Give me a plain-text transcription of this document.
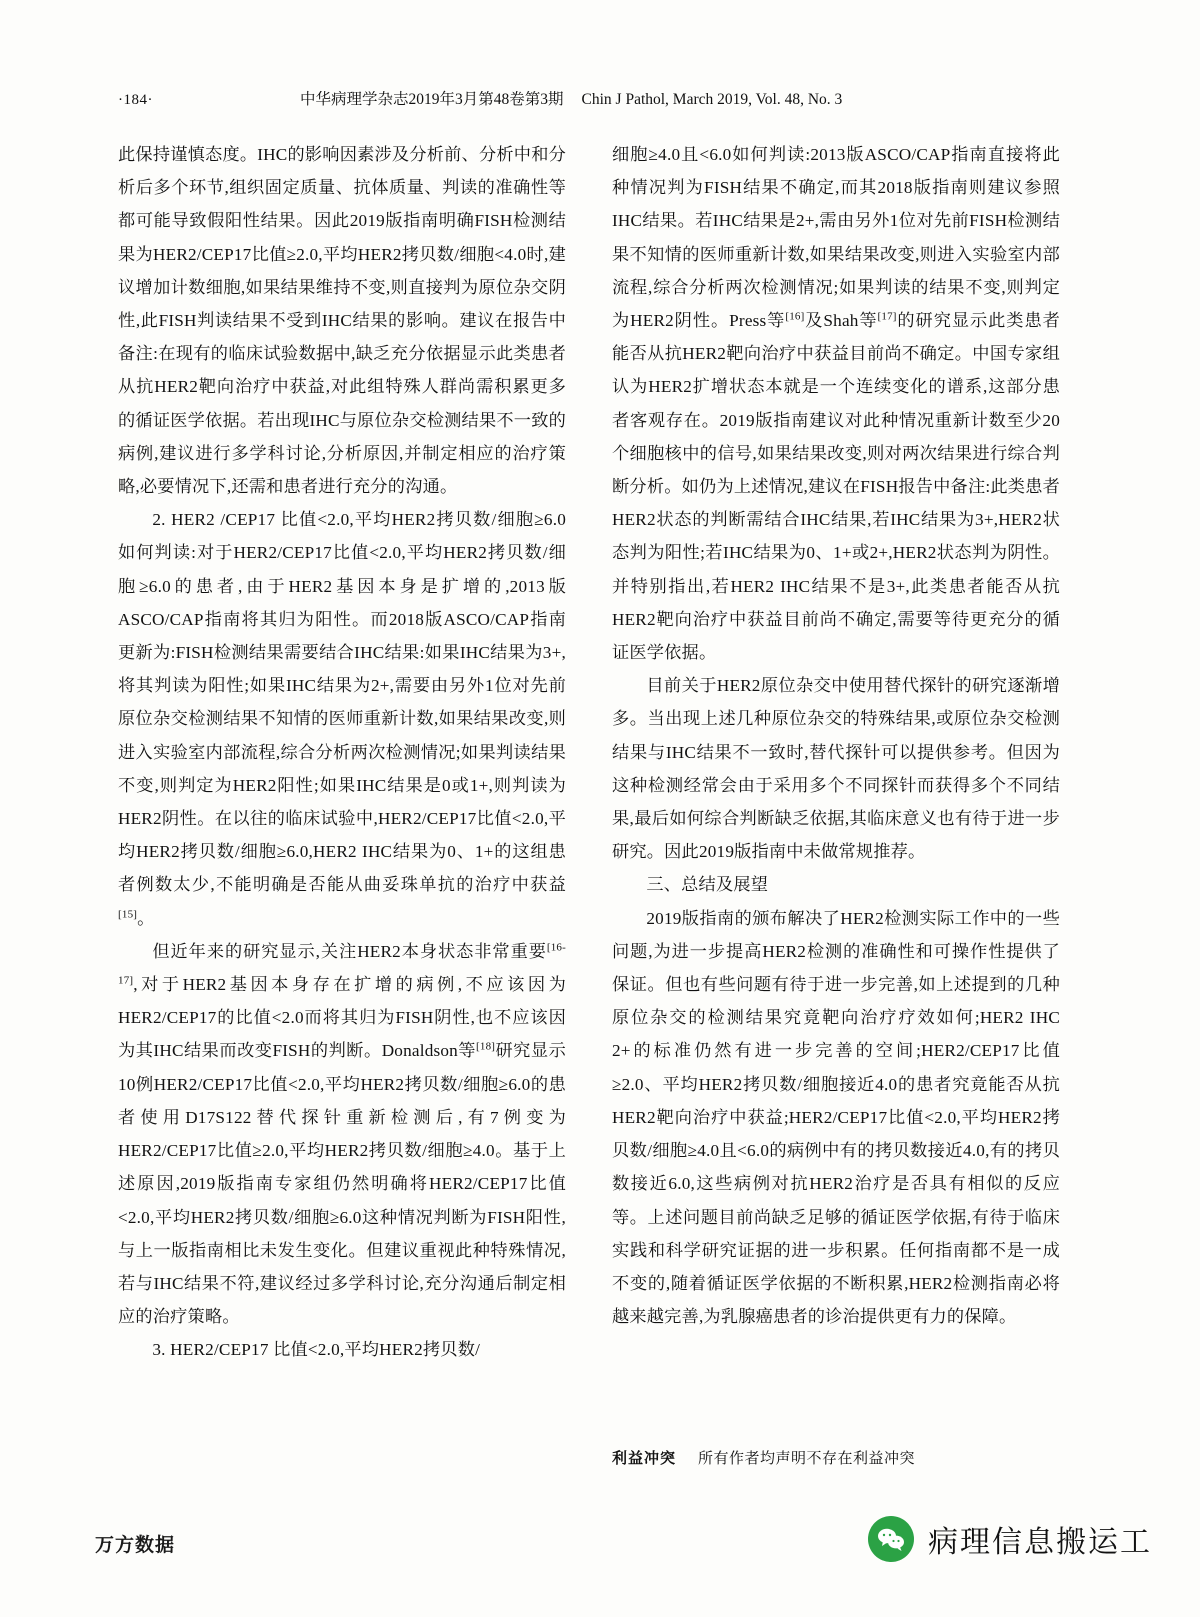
·184·	中华病理学杂志2019年3月第48卷第3期 Chin J Pathol, March 2019, Vol. 48, No. 3

此保持谨慎态度。IHC的影响因素涉及分析前、分析中和分析后多个环节,组织固定质量、抗体质量、判读的准确性等都可能导致假阳性结果。因此2019版指南明确FISH检测结果为HER2/CEP17比值≥2.0,平均HER2拷贝数/细胞<4.0时,建议增加计数细胞,如果结果维持不变,则直接判为原位杂交阴性,此FISH判读结果不受到IHC结果的影响。建议在报告中备注:在现有的临床试验数据中,缺乏充分依据显示此类患者从抗HER2靶向治疗中获益,对此组特殊人群尚需积累更多的循证医学依据。若出现IHC与原位杂交检测结果不一致的病例,建议进行多学科讨论,分析原因,并制定相应的治疗策略,必要情况下,还需和患者进行充分的沟通。

2. HER2 /CEP17 比值<2.0,平均HER2拷贝数/细胞≥6.0如何判读:对于HER2/CEP17比值<2.0,平均HER2拷贝数/细胞≥6.0的患者,由于HER2基因本身是扩增的,2013版ASCO/CAP指南将其归为阳性。而2018版ASCO/CAP指南更新为:FISH检测结果需要结合IHC结果:如果IHC结果为3+,将其判读为阳性;如果IHC结果为2+,需要由另外1位对先前原位杂交检测结果不知情的医师重新计数,如果结果改变,则进入实验室内部流程,综合分析两次检测情况;如果判读结果不变,则判定为HER2阳性;如果IHC结果是0或1+,则判读为HER2阴性。在以往的临床试验中,HER2/CEP17比值<2.0,平均HER2拷贝数/细胞≥6.0,HER2 IHC结果为0、1+的这组患者例数太少,不能明确是否能从曲妥珠单抗的治疗中获益[15]。

但近年来的研究显示,关注HER2本身状态非常重要[16-17],对于HER2基因本身存在扩增的病例,不应该因为HER2/CEP17的比值<2.0而将其归为FISH阴性,也不应该因为其IHC结果而改变FISH的判断。Donaldson等[18]研究显示10例HER2/CEP17比值<2.0,平均HER2拷贝数/细胞≥6.0的患者使用D17S122替代探针重新检测后,有7例变为HER2/CEP17比值≥2.0,平均HER2拷贝数/细胞≥4.0。基于上述原因,2019版指南专家组仍然明确将HER2/CEP17比值<2.0,平均HER2拷贝数/细胞≥6.0这种情况判断为FISH阳性,与上一版指南相比未发生变化。但建议重视此种特殊情况,若与IHC结果不符,建议经过多学科讨论,充分沟通后制定相应的治疗策略。

3. HER2/CEP17 比值<2.0,平均HER2拷贝数/

细胞≥4.0且<6.0如何判读:2013版ASCO/CAP指南直接将此种情况判为FISH结果不确定,而其2018版指南则建议参照IHC结果。若IHC结果是2+,需由另外1位对先前FISH检测结果不知情的医师重新计数,如果结果改变,则进入实验室内部流程,综合分析两次检测情况;如果判读的结果不变,则判定为HER2阴性。Press等[16]及Shah等[17]的研究显示此类患者能否从抗HER2靶向治疗中获益目前尚不确定。中国专家组认为HER2扩增状态本就是一个连续变化的谱系,这部分患者客观存在。2019版指南建议对此种情况重新计数至少20个细胞核中的信号,如果结果改变,则对两次结果进行综合判断分析。如仍为上述情况,建议在FISH报告中备注:此类患者HER2状态的判断需结合IHC结果,若IHC结果为3+,HER2状态判为阳性;若IHC结果为0、1+或2+,HER2状态判为阴性。并特别指出,若HER2 IHC结果不是3+,此类患者能否从抗HER2靶向治疗中获益目前尚不确定,需要等待更充分的循证医学依据。

目前关于HER2原位杂交中使用替代探针的研究逐渐增多。当出现上述几种原位杂交的特殊结果,或原位杂交检测结果与IHC结果不一致时,替代探针可以提供参考。但因为这种检测经常会由于采用多个不同探针而获得多个不同结果,最后如何综合判断缺乏依据,其临床意义也有待于进一步研究。因此2019版指南中未做常规推荐。

三、总结及展望

2019版指南的颁布解决了HER2检测实际工作中的一些问题,为进一步提高HER2检测的准确性和可操作性提供了保证。但也有些问题有待于进一步完善,如上述提到的几种原位杂交的检测结果究竟靶向治疗疗效如何;HER2 IHC 2+的标准仍然有进一步完善的空间;HER2/CEP17比值≥2.0、平均HER2拷贝数/细胞接近4.0的患者究竟能否从抗HER2靶向治疗中获益;HER2/CEP17比值<2.0,平均HER2拷贝数/细胞≥4.0且<6.0的病例中有的拷贝数接近4.0,有的拷贝数接近6.0,这些病例对抗HER2治疗是否具有相似的反应等。上述问题目前尚缺乏足够的循证医学依据,有待于临床实践和科学研究证据的进一步积累。任何指南都不是一成不变的,随着循证医学依据的不断积累,HER2检测指南必将越来越完善,为乳腺癌患者的诊治提供更有力的保障。

利益冲突 所有作者均声明不存在利益冲突
万方数据	病理信息搬运工
